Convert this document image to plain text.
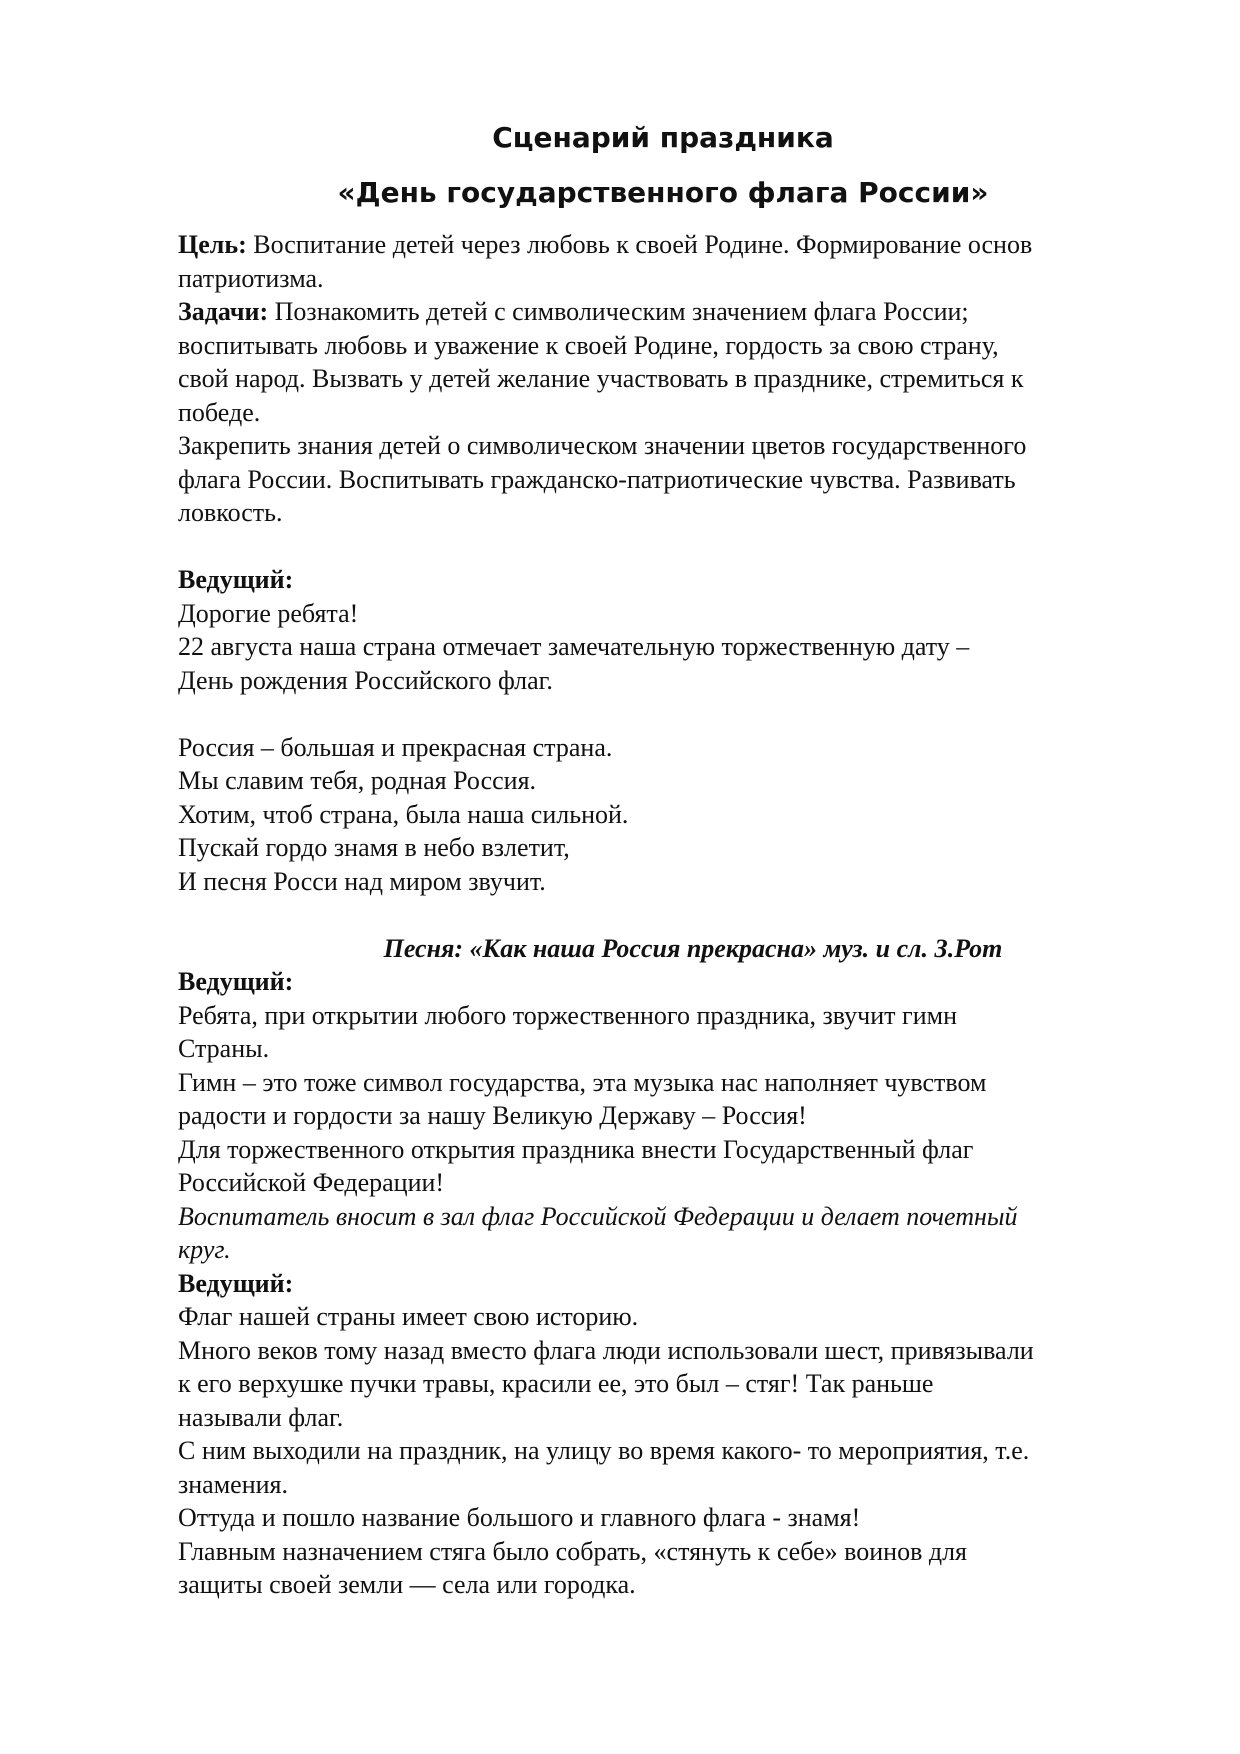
Сценарий праздника
«День государственного флага России»
Цель: Воспитание детей через любовь к своей Родине. Формирование основ
патриотизма.
Задачи: Познакомить детей с символическим значением флага России;
воспитывать любовь и уважение к своей Родине, гордость за свою страну,
свой народ. Вызвать у детей желание участвовать в празднике, стремиться к
победе.
Закрепить знания детей о символическом значении цветов государственного
флага России. Воспитывать гражданско-патриотические чувства. Развивать
ловкость.
Ведущий:
Дорогие ребята!
22 августа наша страна отмечает замечательную торжественную дату –
День рождения Российского флаг.
Россия – большая и прекрасная страна.
Мы славим тебя, родная Россия.
Хотим, чтоб страна, была наша сильной.
Пускай гордо знамя в небо взлетит,
И песня Росси над миром звучит.
Песня: «Как наша Россия прекрасна» муз. и сл. З.Рот
Ведущий:
Ребята, при открытии любого торжественного праздника, звучит гимн
Страны.
Гимн – это тоже символ государства, эта музыка нас наполняет чувством
радости и гордости за нашу Великую Державу – Россия!
Для торжественного открытия праздника внести Государственный флаг
Российской Федерации!
Воспитатель вносит в зал флаг Российской Федерации и делает почетный
круг.
Ведущий:
Флаг нашей страны имеет свою историю.
Много веков тому назад вместо флага люди использовали шест, привязывали
к его верхушке пучки травы, красили ее, это был – стяг! Так раньше
называли флаг.
С ним выходили на праздник, на улицу во время какого- то мероприятия, т.е.
знамения.
Оттуда и пошло название большого и главного флага - знамя!
Главным назначением стяга было собрать, «стянуть к себе» воинов для
защиты своей земли — села или городка.
